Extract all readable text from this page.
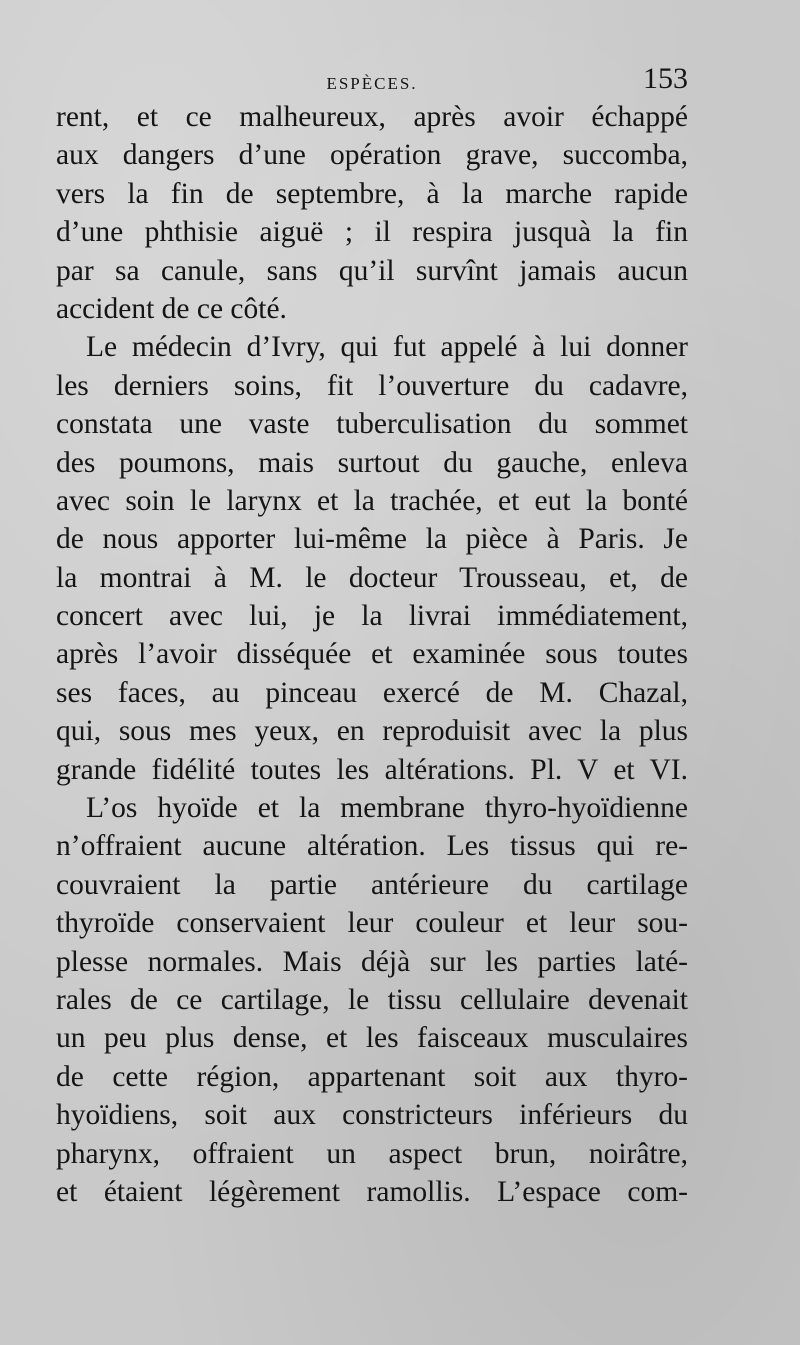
ESPÈCES.	153
rent, et ce malheureux, après avoir échappé
aux dangers d’une opération grave, succomba,
vers la fin de septembre, à la marche rapide
d’une phthisie aiguë ; il respira jusquà la fin
par sa canule, sans qu’il survînt jamais aucun
accident de ce côté.
Le médecin d’Ivry, qui fut appelé à lui donner
les derniers soins, fit l’ouverture du cadavre,
constata une vaste tuberculisation du sommet
des poumons, mais surtout du gauche, enleva
avec soin le larynx et la trachée, et eut la bonté
de nous apporter lui-même la pièce à Paris. Je
la montrai à M. le docteur Trousseau, et, de
concert avec lui, je la livrai immédiatement,
après l’avoir disséquée et examinée sous toutes
ses faces, au pinceau exercé de M. Chazal,
qui, sous mes yeux, en reproduisit avec la plus
grande fidélité toutes les altérations. Pl. V et VI.
L’os hyoïde et la membrane thyro-hyoïdienne
n’offraient aucune altération. Les tissus qui re-
couvraient la partie antérieure du cartilage
thyroïde conservaient leur couleur et leur sou-
plesse normales. Mais déjà sur les parties laté-
rales de ce cartilage, le tissu cellulaire devenait
un peu plus dense, et les faisceaux musculaires
de cette région, appartenant soit aux thyro-
hyoïdiens, soit aux constricteurs inférieurs du
pharynx, offraient un aspect brun, noirâtre,
et étaient légèrement ramollis. L’espace com-
